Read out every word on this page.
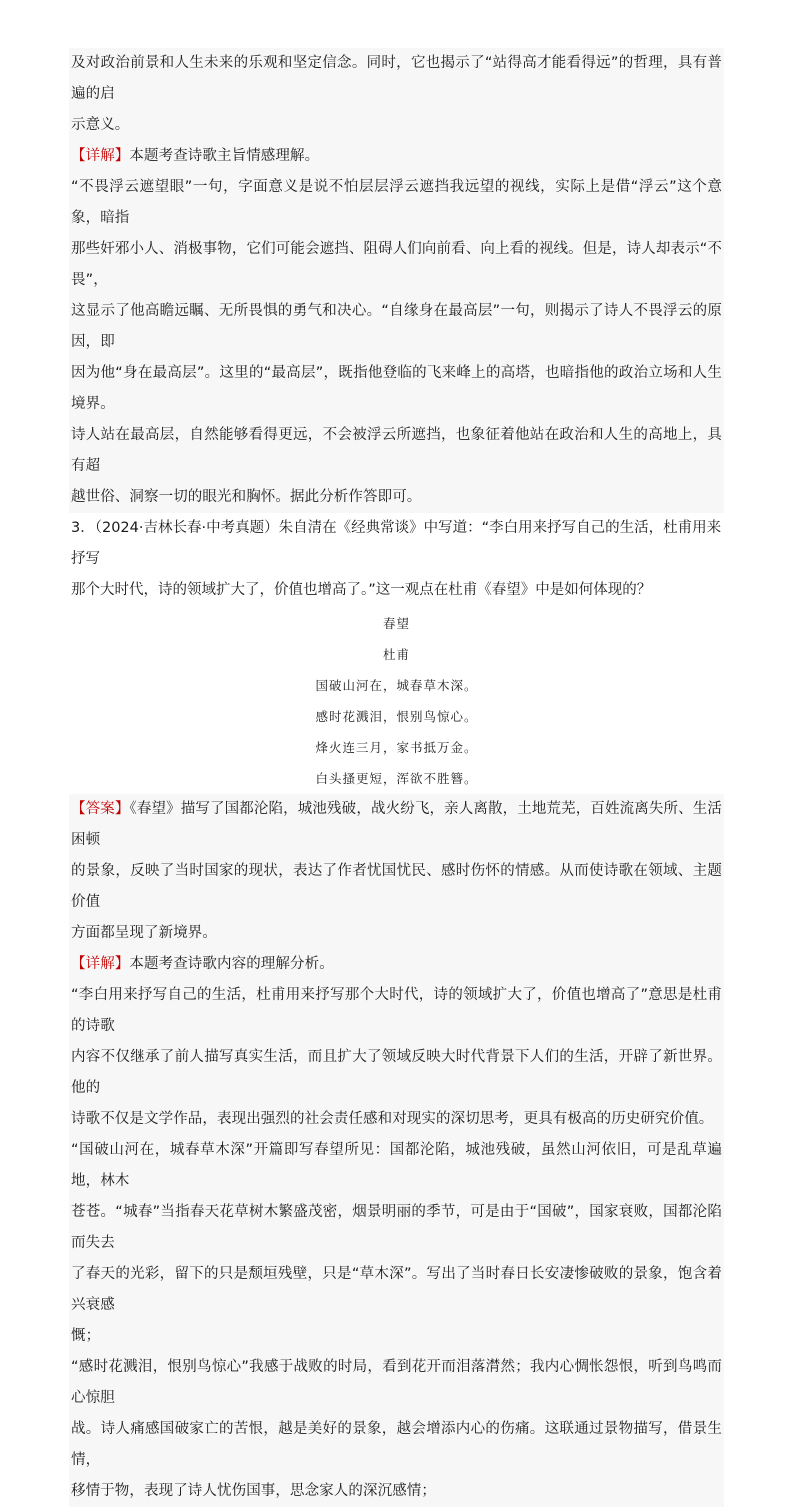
及对政治前景和人生未来的乐观和坚定信念。同时，它也揭示了“站得高才能看得远”的哲理，具有普遍的启

示意义。

【详解】本题考查诗歌主旨情感理解。

“不畏浮云遮望眼”一句，字面意义是说不怕层层浮云遮挡我远望的视线，实际上是借“浮云”这个意象，暗指

那些奸邪小人、消极事物，它们可能会遮挡、阻碍人们向前看、向上看的视线。但是，诗人却表示“不畏”，

这显示了他高瞻远瞩、无所畏惧的勇气和决心。“自缘身在最高层”一句，则揭示了诗人不畏浮云的原因，即

因为他“身在最高层”。这里的“最高层”，既指他登临的飞来峰上的高塔，也暗指他的政治立场和人生境界。

诗人站在最高层，自然能够看得更远，不会被浮云所遮挡，也象征着他站在政治和人生的高地上，具有超

越世俗、洞察一切的眼光和胸怀。据此分析作答即可。

3．（2024·吉林长春·中考真题）朱自清在《经典常谈》中写道：“李白用来抒写自己的生活，杜甫用来抒写
那个大时代，诗的领域扩大了，价值也增高了。”这一观点在杜甫《春望》中是如何体现的？
春望
杜甫
国破山河在，城春草木深。
感时花溅泪，恨别鸟惊心。
烽火连三月，家书抵万金。
白头搔更短，浑欲不胜簪。

【答案】《春望》描写了国都沦陷，城池残破，战火纷飞，亲人离散，土地荒芜，百姓流离失所、生活困顿

的景象，反映了当时国家的现状，表达了作者忧国忧民、感时伤怀的情感。从而使诗歌在领域、主题价值

方面都呈现了新境界。

【详解】本题考查诗歌内容的理解分析。

“李白用来抒写自己的生活，杜甫用来抒写那个大时代，诗的领域扩大了，价值也增高了”意思是杜甫的诗歌

内容不仅继承了前人描写真实生活，而且扩大了领域反映大时代背景下人们的生活，开辟了新世界。他的

诗歌不仅是文学作品，表现出强烈的社会责任感和对现实的深切思考，更具有极高的历史研究价值。

“国破山河在，城春草木深”开篇即写春望所见：国都沦陷，城池残破，虽然山河依旧，可是乱草遍地，林木

苍苍。“城春”当指春天花草树木繁盛茂密，烟景明丽的季节，可是由于“国破”，国家衰败，国都沦陷而失去

了春天的光彩，留下的只是颓垣残壁，只是“草木深”。写出了当时春日长安凄惨破败的景象，饱含着兴衰感

慨；

“感时花溅泪，恨别鸟惊心”我感于战败的时局，看到花开而泪落潸然；我内心惆怅怨恨，听到鸟鸣而心惊胆

战。诗人痛感国破家亡的苦恨，越是美好的景象，越会增添内心的伤痛。这联通过景物描写，借景生情，

移情于物，表现了诗人忧伤国事，思念家人的深沉感情；
